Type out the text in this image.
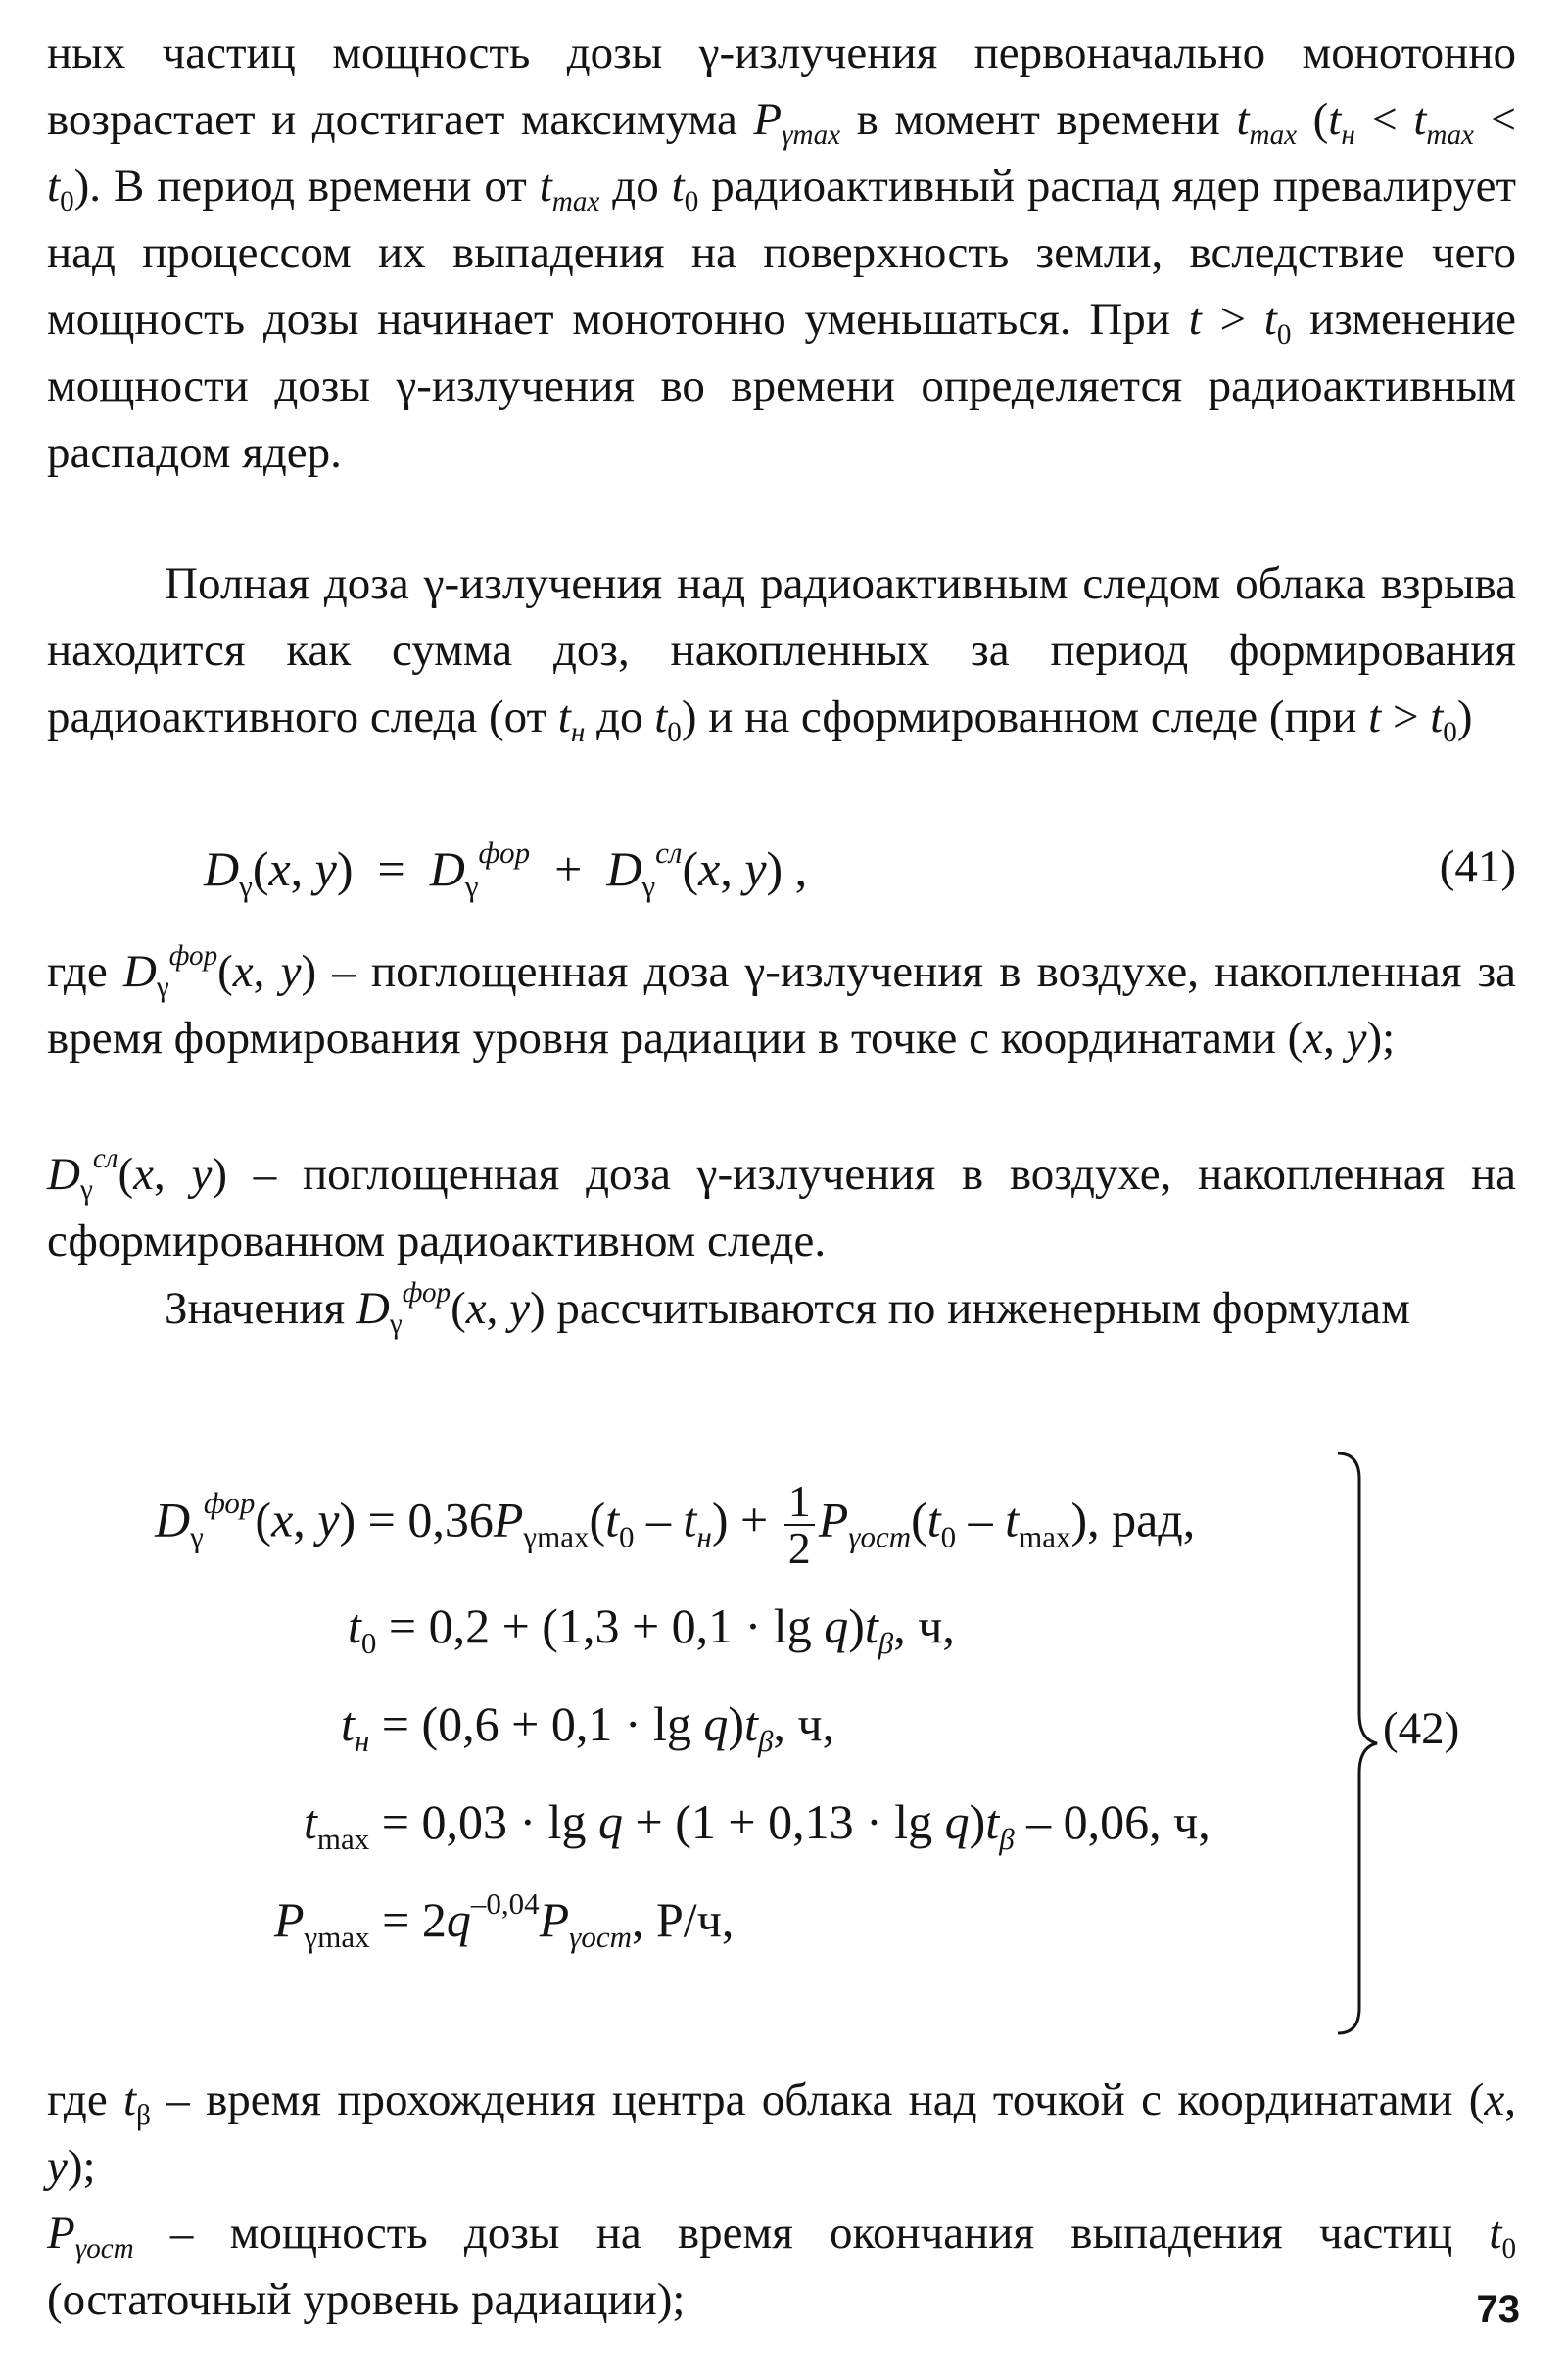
ных частиц мощность дозы γ-излучения первоначально монотонно возрастает и достигает максимума $P_{\gamma max}$ в момент времени $t_{max}$ $(t_н < t_{max} < t_0)$. В период времени от $t_{max}$ до $t_0$ радиоактивный распад ядер превалирует над процессом их выпадения на поверхность земли, вследствие чего мощность дозы начинает монотонно уменьшаться. При $t > t_0$ изменение мощности дозы γ-излучения во времени определяется радиоактивным распадом ядер.

Полная доза γ-излучения над радиоактивным следом облака взрыва находится как сумма доз, накопленных за период формирования радиоактивного следа (от $t_н$ до $t_0$) и на сформированном следе (при $t > t_0$)

$D_\gamma(x$, $y) = D_\gamma^{фор} + D_\gamma^{сл}(x$, y) ,	(41)

где $D_\gamma^{фор}(x$, y) – поглощенная доза γ-излучения в воздухе, накопленная за время формирования уровня радиации в точке с координатами (x, y);

$D_\gamma^{сл}(x$, y) – поглощенная доза γ-излучения в воздухе, накопленная на сформированном радиоактивном следе.

Значения $D_\gamma^{фор}(x$, y) рассчитываются по инженерным формулам

$D_\gamma^{фор}(x$, $y) = 0,36P_{\gamma max}(t_0 - t_н) + \frac{1}{2} P_{\gamma ост}(t_0 - t_{max})$, рад,
$t_0 = 0,2 + (1,3 + 0,1 \cdot \lg q)t_\beta$, ч,
$t_н = (0,6 + 0,1 \cdot \lg q)t_\beta$, ч,
$t_{max} = 0,03 \cdot \lg q + (1 + 0,13 \cdot \lg q)t_\beta - 0,06$, ч,
$P_{\gamma max} = 2q^{-0,04}P_{\gamma ост}$, Р/ч,
(42)

где $t_\beta$ – время прохождения центра облака над точкой с координатами (x, y);

$P_{\gamma ост}$ – мощность дозы на время окончания выпадения частиц $t_0$ (остаточный уровень радиации);	73
